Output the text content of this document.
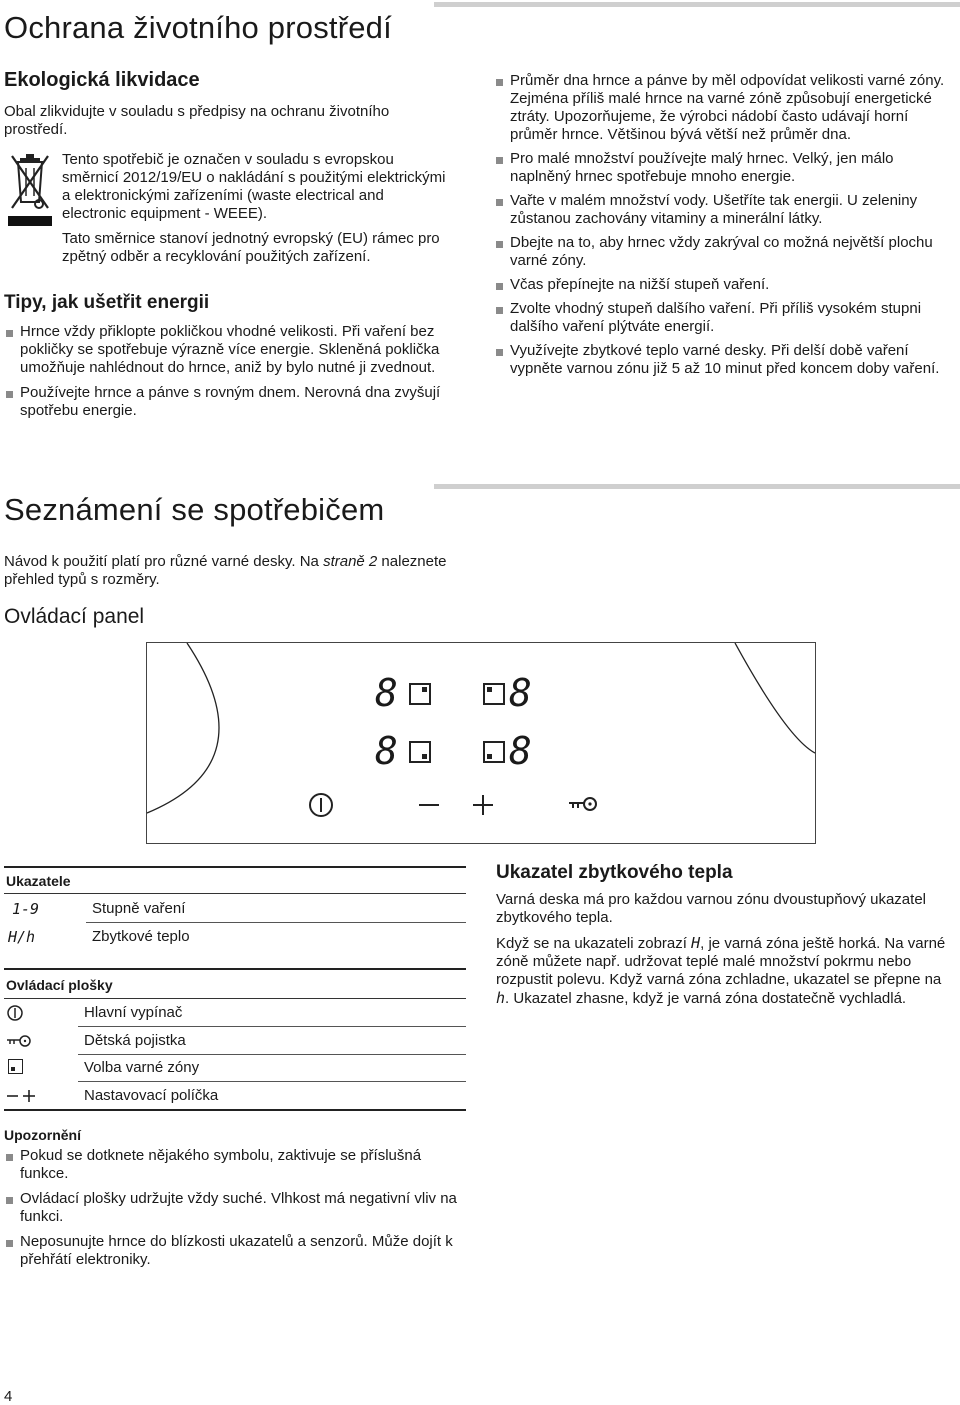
Ochrana životního prostředí
Ekologická likvidace

Obal zlikvidujte v souladu s předpisy na ochranu životního prostředí.

Tento spotřebič je označen v souladu s evropskou směrnicí 2012/19/EU o nakládání s použitými elektrickými a elektronickými zařízeními (waste electrical and electronic equipment - WEEE).

Tato směrnice stanoví jednotný evropský (EU) rámec pro zpětný odběr a recyklování použitých zařízení.

Tipy, jak ušetřit energii
Hrnce vždy přiklopte pokličkou vhodné velikosti. Při vaření bez pokličky se spotřebuje výrazně více energie. Skleněná poklička umožňuje nahlédnout do hrnce, aniž by bylo nutné ji zvednout.
Používejte hrnce a pánve s rovným dnem. Nerovná dna zvyšují spotřebu energie.
Průměr dna hrnce a pánve by měl odpovídat velikosti varné zóny. Zejména příliš malé hrnce na varné zóně způsobují energetické ztráty. Upozorňujeme, že výrobci nádobí často udávají horní průměr hrnce. Většinou bývá větší než průměr dna.
Pro malé množství používejte malý hrnec. Velký, jen málo naplněný hrnec spotřebuje mnoho energie.
Vařte v malém množství vody. Ušetříte tak energii. U zeleniny zůstanou zachovány vitaminy a minerální látky.
Dbejte na to, aby hrnec vždy zakrýval co možná největší plochu varné zóny.
Včas přepínejte na nižší stupeň vaření.
Zvolte vhodný stupeň dalšího vaření. Při příliš vysokém stupni dalšího vaření plýtváte energií.
Využívejte zbytkové teplo varné desky. Při delší době vaření vypněte varnou zónu již 5 až 10 minut před koncem doby vaření.
Seznámení se spotřebičem

Návod k použití platí pro různé varné desky. Na straně 2 naleznete přehled typů s rozměry.

Ovládací panel
8	8
8	8
Ukazatele
1-9	Stupně vaření
H/h	Zbytkové teplo
Ovládací plošky
Hlavní vypínač
Dětská pojistka
Volba varné zóny
Nastavovací políčka
Upozornění
Pokud se dotknete nějakého symbolu, zaktivuje se příslušná funkce.
Ovládací plošky udržujte vždy suché. Vlhkost má negativní vliv na funkci.
Neposunujte hrnce do blízkosti ukazatelů a senzorů. Může dojít k přehřátí elektroniky.
Ukazatel zbytkového tepla

Varná deska má pro každou varnou zónu dvoustupňový ukazatel zbytkového tepla.

Když se na ukazateli zobrazí H, je varná zóna ještě horká. Na varné zóně můžete např. udržovat teplé malé množství pokrmu nebo rozpustit polevu. Když varná zóna zchladne, ukazatel se přepne na h. Ukazatel zhasne, když je varná zóna dostatečně vychladlá.

4
